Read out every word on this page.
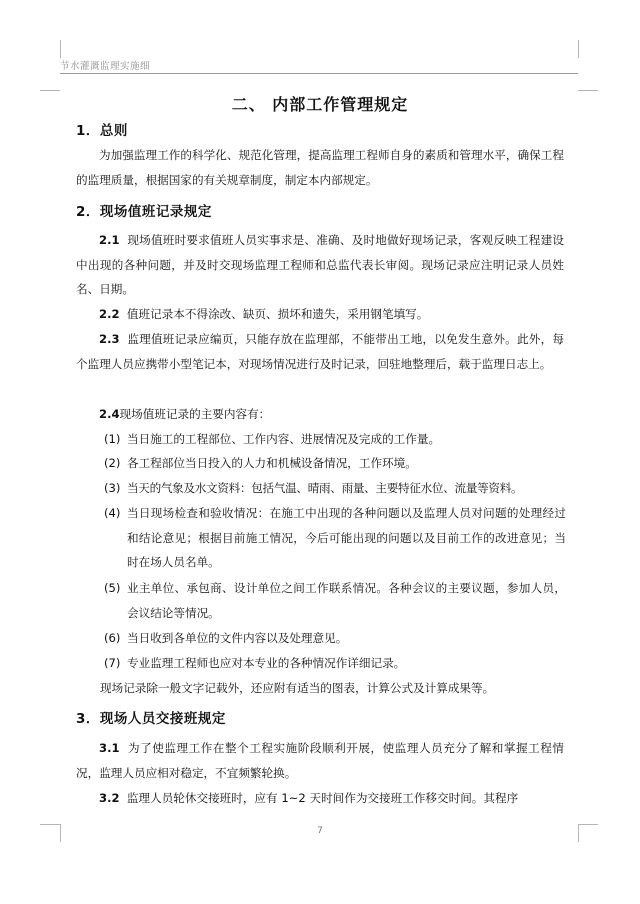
节水灌溉监理实施细
二、 内部工作管理规定
1．总则
为加强监理工作的科学化、规范化管理，提高监理工程师自身的素质和管理水平，确保工程的监理质量，根据国家的有关规章制度，制定本内部规定。
2．现场值班记录规定
2.1 现场值班时要求值班人员实事求是、准确、及时地做好现场记录，客观反映工程建设中出现的各种问题，并及时交现场监理工程师和总监代表长审阅。现场记录应注明记录人员姓名、日期。
2.2 值班记录本不得涂改、缺页、损坏和遗失，采用钢笔填写。
2.3 监理值班记录应编页，只能存放在监理部，不能带出工地，以免发生意外。此外，每个监理人员应携带小型笔记本，对现场情况进行及时记录，回驻地整理后，载于监理日志上。
2.4现场值班记录的主要内容有：
(1) 当日施工的工程部位、工作内容、进展情况及完成的工作量。
(2) 各工程部位当日投入的人力和机械设备情况，工作环境。
(3) 当天的气象及水文资料：包括气温、晴雨、雨量、主要特征水位、流量等资料。
(4) 当日现场检查和验收情况：在施工中出现的各种问题以及监理人员对问题的处理经过和结论意见；根据目前施工情况，今后可能出现的问题以及目前工作的改进意见；当时在场人员名单。
(5) 业主单位、承包商、设计单位之间工作联系情况。各种会议的主要议题，参加人员，会议结论等情况。
(6) 当日收到各单位的文件内容以及处理意见。
(7) 专业监理工程师也应对本专业的各种情况作详细记录。
现场记录除一般文字记载外，还应附有适当的图表，计算公式及计算成果等。
3．现场人员交接班规定
3.1 为了使监理工作在整个工程实施阶段顺利开展，使监理人员充分了解和掌握工程情况，监理人员应相对稳定，不宜频繁轮换。
3.2 监理人员轮休交接班时，应有 1~2 天时间作为交接班工作移交时间。其程序
7
